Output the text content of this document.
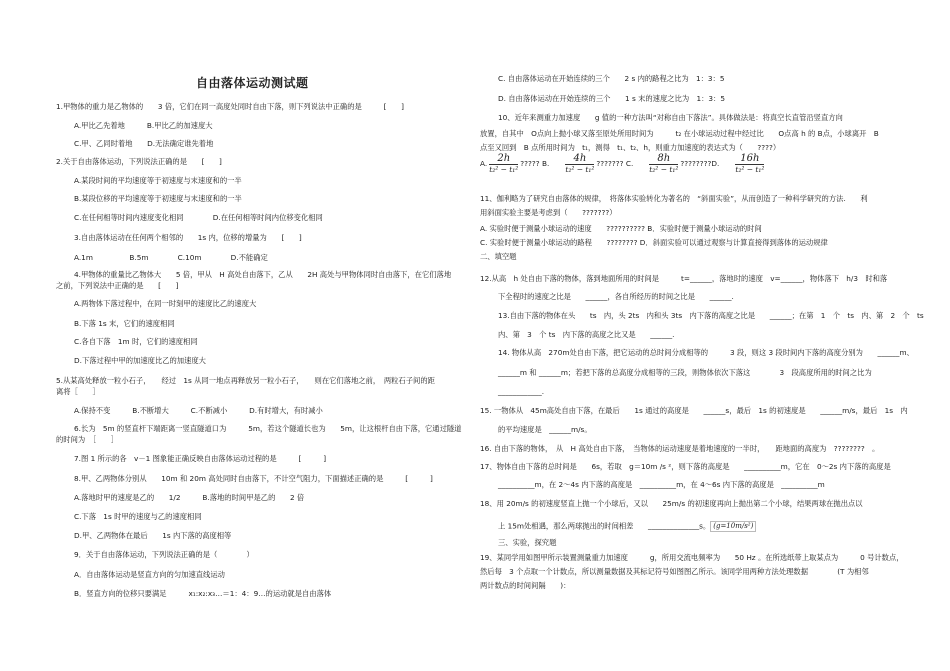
自由落体运动测试题
1.甲物体的重力是乙物体的　　3 倍，它们在同一高度处同时自由下落，则下列说法中正确的是　　　[　　]
A.甲比乙先着地　　　B.甲比乙的加速度大
C.甲、乙同时着地　　D.无法确定谁先着地
2.关于自由落体运动，下列说法正确的是　　[　　]
A.某段时间的平均速度等于初速度与末速度和的一半
B.某段位移的平均速度等于初速度与末速度和的一半
C.在任何相等时间内速度变化相同　　　　D.在任何相等时间内位移变化相同
3.自由落体运动在任何两个相邻的　　1s 内，位移的增量为　　[　　]
A.1m　　　　　B.5m　　　　C.10m　　　　D.不能确定
4.甲物体的重量比乙物体大　　5 倍，甲从　H 高处自由落下，乙从　　2H 高处与甲物体同时自由落下，在它们落地
之前，下列说法中正确的是　　[　　]
A.两物体下落过程中，在同一时刻甲的速度比乙的速度大
B.下落 1s 末，它们的速度相同
C.各自下落　1m 时，它们的速度相同
D.下落过程中甲的加速度比乙的加速度大
5.从某高处释放一粒小石子，　　经过　1s 从同一地点再释放另一粒小石子，　　则在它们落地之前，　两粒石子间的距
离将［　　］
A.保持不变　　　B.不断增大　　　C.不断减小　　　D.有时增大，有时减小
6.长为　5m 的竖直杆下端距离一竖直隧道口为　　　5m，若这个隧道长也为　　5m，让这根杆自由下落，它通过隧道
的时间为　［　　］
7.图 1 所示的各　v－1 图象能正确反映自由落体运动过程的是　　　[　　　]
8.甲、乙两物体分别从　　10m 和 20m 高处同时自由落下，不计空气阻力，下面描述正确的是　　　[　　　]
A.落地时甲的速度是乙的　　1/2　　　B.落地的时间甲是乙的　　2 倍
C.下落　1s 时甲的速度与乙的速度相同
D.甲、乙两物体在最后　　1s 内下落的高度相等
9．关于自由落体运动，下列说法正确的是（　　　　）
A．自由落体运动是竖直方向的匀加速直线运动
B．竖直方向的位移只要满足　　　x₁:x₂:x₃…＝1：4：9…的运动就是自由落体
C. 自由落体运动在开始连续的三个　　2 s 内的路程之比为　1：3：5
D. 自由落体运动在开始连续的三个　　1 s 末的速度之比为　1：3：5
10、近年来测重力加速度　　g 值的一种方法叫“对称自由下落法”。具体做法是：将真空长直管沿竖直方向
放置，自其中　O点向上抛小球又落至原处所用时间为　　　t₂ 在小球运动过程中经过比　　O点高 h 的 B点，小球离开　B
点至又回到　B 点所用时间为　t₁，测得　t₁、t₂、h，则重力加速度的表达式为（　　????）
11、伽利略为了研究自由落体的规律，　将落体实验转化为著名的　“斜面实验”，从而创造了一种科学研究的方法.　　利
用斜面实验主要是考虑到（　　???????）
A. 实验时便于测量小球运动的速度　　?????????? B．实验时便于测量小球运动的时间
C. 实验时便于测量小球运动的路程　　???????? D．斜面实验可以通过观察与计算直接得到落体的运动规律
二、填空题
12.从高　h 处自由下落的物体，落到地面所用的时间是　　　t=______，落地时的速度　v=______，物体落下　h/3　时和落
下全程时的速度之比是　　______，各自所经历的时间之比是　　______.
13.自由下落的物体在头　　ts　内，头 2ts　内和头 3ts　内下落的高度之比是　　______；在第　1　个　ts　内、第　2　个　ts
内、第　3　个 ts　内下落的高度之比又是　　______.
14. 物体从高　270m处自由下落，把它运动的总时间分成相等的　　　3 段，则这 3 段时间内下落的高度分别为　　______m、
______m 和 ______m；若把下落的总高度分成相等的三段，则物体依次下落这　　　　3　段高度所用的时间之比为
____________.
15. 一物体从　45m高处自由下落，在最后　　1s 通过的高度是　　______s，最后　1s 的初速度是　　______m/s，最后　1s　内
的平均速度是　______m/s。
16. 自由下落的物体，　从　H 高处自由下落，　当物体的运动速度是着地速度的一半时，　　距地面的高度为　????????　。
17、物体自由下落的总时间是　　6s，若取　g＝10m /s ²，则下落的高度是　　__________m，它在　0～2s 内下落的高度是
__________m，在 2～4s 内下落的高度是　__________m，在 4～6s 内下落的高度是　__________m
18、用 20m/s 的初速度竖直上抛一个小球后，又以　　25m/s 的初速度再向上抛出第二个小球，结果两球在抛出点以
上 15m处相遇，那么两球抛出的时间相差　　______________s。 (g=10m/s²)
三、实验，探究题
19、某同学用如图甲所示装置测量重力加速度　　　g，所用交流电频率为　　50 Hz 。在所选纸带上取某点为　　　0 号计数点，
然后每　3 个点取一个计数点，所以测量数据及其标记符号如图图乙所示。该同学用两种方法处理数据　　　　(T 为相邻
两计数点的时间间隔　　)：
A. $\frac{2h}{\text{t₂² − t₁²}}$ ????? B. $\frac{4h}{\text{t₂² − t₁²}}$ ??????? C. $\frac{8h}{\text{t₂² − t₁²}}$ ????????D. $\frac{16h}{\text{t₂² − t₁²}}$
